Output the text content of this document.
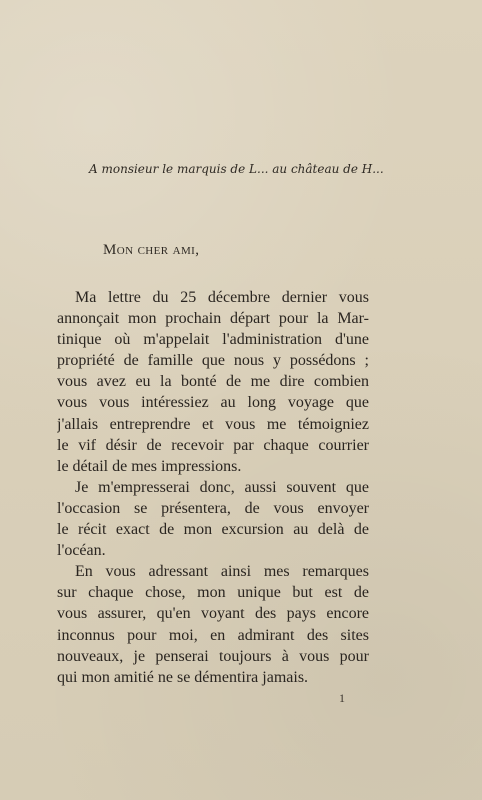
A monsieur le marquis de L... au château de H...
Mon cher ami,
Ma lettre du 25 décembre dernier vous
annonçait mon prochain départ pour la Mar-
tinique où m'appelait l'administration d'une
propriété de famille que nous y possédons ;
vous avez eu la bonté de me dire combien
vous vous intéressiez au long voyage que
j'allais entreprendre et vous me témoigniez
le vif désir de recevoir par chaque courrier
le détail de mes impressions.
Je m'empresserai donc, aussi souvent que
l'occasion se présentera, de vous envoyer
le récit exact de mon excursion au delà de
l'océan.
En vous adressant ainsi mes remarques
sur chaque chose, mon unique but est de
vous assurer, qu'en voyant des pays encore
inconnus pour moi, en admirant des sites
nouveaux, je penserai toujours à vous pour
qui mon amitié ne se démentira jamais.
1
